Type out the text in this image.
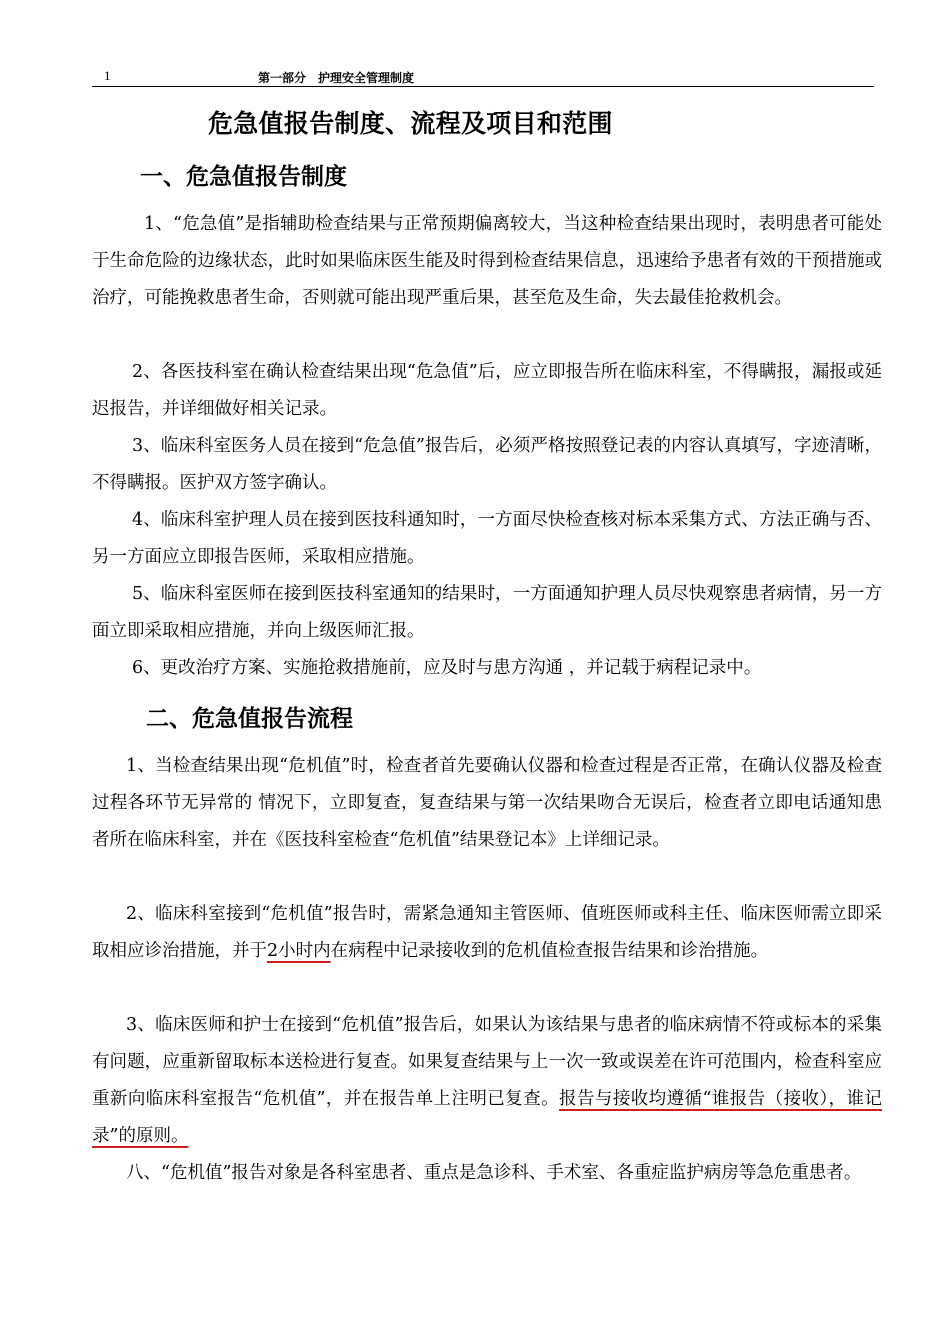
1	第一部分　护理安全管理制度
危急值报告制度、流程及项目和范围
一、危急值报告制度
1、“危急值”是指辅助检查结果与正常预期偏离较大，当这种检查结果出现时，表明患者可能处于生命危险的边缘状态，此时如果临床医生能及时得到检查结果信息，迅速给予患者有效的干预措施或治疗，可能挽救患者生命，否则就可能出现严重后果，甚至危及生命，失去最佳抢救机会。
2、各医技科室在确认检查结果出现“危急值”后，应立即报告所在临床科室，不得瞒报，漏报或延迟报告，并详细做好相关记录。
3、临床科室医务人员在接到“危急值”报告后，必须严格按照登记表的内容认真填写，字迹清晰，不得瞒报。医护双方签字确认。
4、临床科室护理人员在接到医技科通知时，一方面尽快检查核对标本采集方式、方法正确与否、另一方面应立即报告医师，采取相应措施。
5、临床科室医师在接到医技科室通知的结果时，一方面通知护理人员尽快观察患者病情，另一方面立即采取相应措施，并向上级医师汇报。
6、更改治疗方案、实施抢救措施前，应及时与患方沟通 ，并记载于病程记录中。
二、危急值报告流程
1、当检查结果出现“危机值”时，检查者首先要确认仪器和检查过程是否正常，在确认仪器及检查过程各环节无异常的 情况下，立即复查，复查结果与第一次结果吻合无误后，检查者立即电话通知患者所在临床科室，并在《医技科室检查“危机值”结果登记本》上详细记录。
2、临床科室接到“危机值”报告时，需紧急通知主管医师、值班医师或科主任、临床医师需立即采取相应诊治措施，并于2小时内在病程中记录接收到的危机值检查报告结果和诊治措施。
3、临床医师和护士在接到“危机值”报告后，如果认为该结果与患者的临床病情不符或标本的采集有问题，应重新留取标本送检进行复查。如果复查结果与上一次一致或误差在许可范围内，检查科室应重新向临床科室报告“危机值”，并在报告单上注明已复查。报告与接收均遵循“谁报告（接收），谁记录”的原则。
八、“危机值”报告对象是各科室患者、重点是急诊科、手术室、各重症监护病房等急危重患者。
